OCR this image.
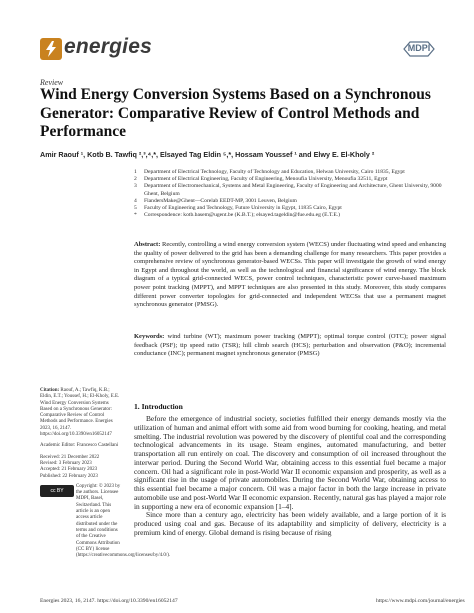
energies	MDPI
Review
Wind Energy Conversion Systems Based on a Synchronous Generator: Comparative Review of Control Methods and Performance
Amir Raouf ¹, Kotb B. Tawfiq ²,³,⁴,*, Elsayed Tag Eldin ⁵,*, Hossam Youssef ¹ and Elwy E. El-Kholy ²
1 Department of Electrical Technology, Faculty of Technology and Education, Helwan University, Cairo 11835, Egypt
2 Department of Electrical Engineering, Faculty of Engineering, Menoufia University, Menoufia 32511, Egypt
3 Department of Electromechanical, Systems and Metal Engineering, Faculty of Engineering and Architecture, Ghent University, 9000 Ghent, Belgium
4 FlandersMake@Ghent—Corelab EEDT-MP, 3001 Leuven, Belgium
5 Faculty of Engineering and Technology, Future University in Egypt, 11835 Cairo, Egypt
* Correspondence: kotb.basem@ugent.be (K.B.T.); elsayed.tageldin@fue.edu.eg (E.T.E.)
Abstract: Recently, controlling a wind energy conversion system (WECS) under fluctuating wind speed and enhancing the quality of power delivered to the grid has been a demanding challenge for many researchers. This paper provides a comprehensive review of synchronous generator-based WECSs. This paper will investigate the growth of wind energy in Egypt and throughout the world, as well as the technological and financial significance of wind energy. The block diagram of a typical grid-connected WECS, power control techniques, characteristic power curve-based maximum power point tracking (MPPT), and MPPT techniques are also presented in this study. Moreover, this study compares different power converter topologies for grid-connected and independent WECSs that use a permanent magnet synchronous generator (PMSG).
Keywords: wind turbine (WT); maximum power tracking (MPPT); optimal torque control (OTC); power signal feedback (PSF); tip speed ratio (TSR); hill climb search (HCS); perturbation and observation (P&O); incremental conductance (INC); permanent magnet synchronous generator (PMSG)

Citation: Raouf, A.; Tawfiq, K.B.; Eldin, E.T.; Youssef, H.; El-Kholy, E.E. Wind Energy Conversion Systems Based on a Synchronous Generator: Comparative Review of Control Methods and Performance. Energies 2023, 16, 2147. https://doi.org/10.3390/en16052147

Academic Editor: Francesco Castellani

Received: 21 December 2022

Revised: 3 February 2023

Accepted: 21 February 2023

Published: 22 February 2023

cc BY
Copyright: © 2023 by the authors. Licensee MDPI, Basel, Switzerland. This article is an open access article distributed under the terms and conditions of the Creative Commons Attribution (CC BY) license (https://creativecommons.org/licenses/by/4.0/).
1. Introduction

Before the emergence of industrial society, societies fulfilled their energy demands mostly via the utilization of human and animal effort with some aid from wood burning for cooking, heating, and metal smelting. The industrial revolution was powered by the discovery of plentiful coal and the corresponding technological advancements in its usage. Steam engines, automated manufacturing, and better transportation all run entirely on coal. The discovery and consumption of oil increased throughout the interwar period. During the Second World War, obtaining access to this essential fuel became a major concern. Oil had a significant role in post-World War II economic expansion and prosperity, as well as a significant rise in the usage of private automobiles. During the Second World War, obtaining access to this essential fuel became a major concern. Oil was a major factor in both the large increase in private automobile use and post-World War II economic expansion. Recently, natural gas has played a major role in supporting a new era of economic expansion [1–4].

Since more than a century ago, electricity has been widely available, and a large portion of it is produced using coal and gas. Because of its adaptability and simplicity of delivery, electricity is a premium kind of energy. Global demand is rising because of rising

Energies 2023, 16, 2147. https://doi.org/10.3390/en16052147	https://www.mdpi.com/journal/energies
